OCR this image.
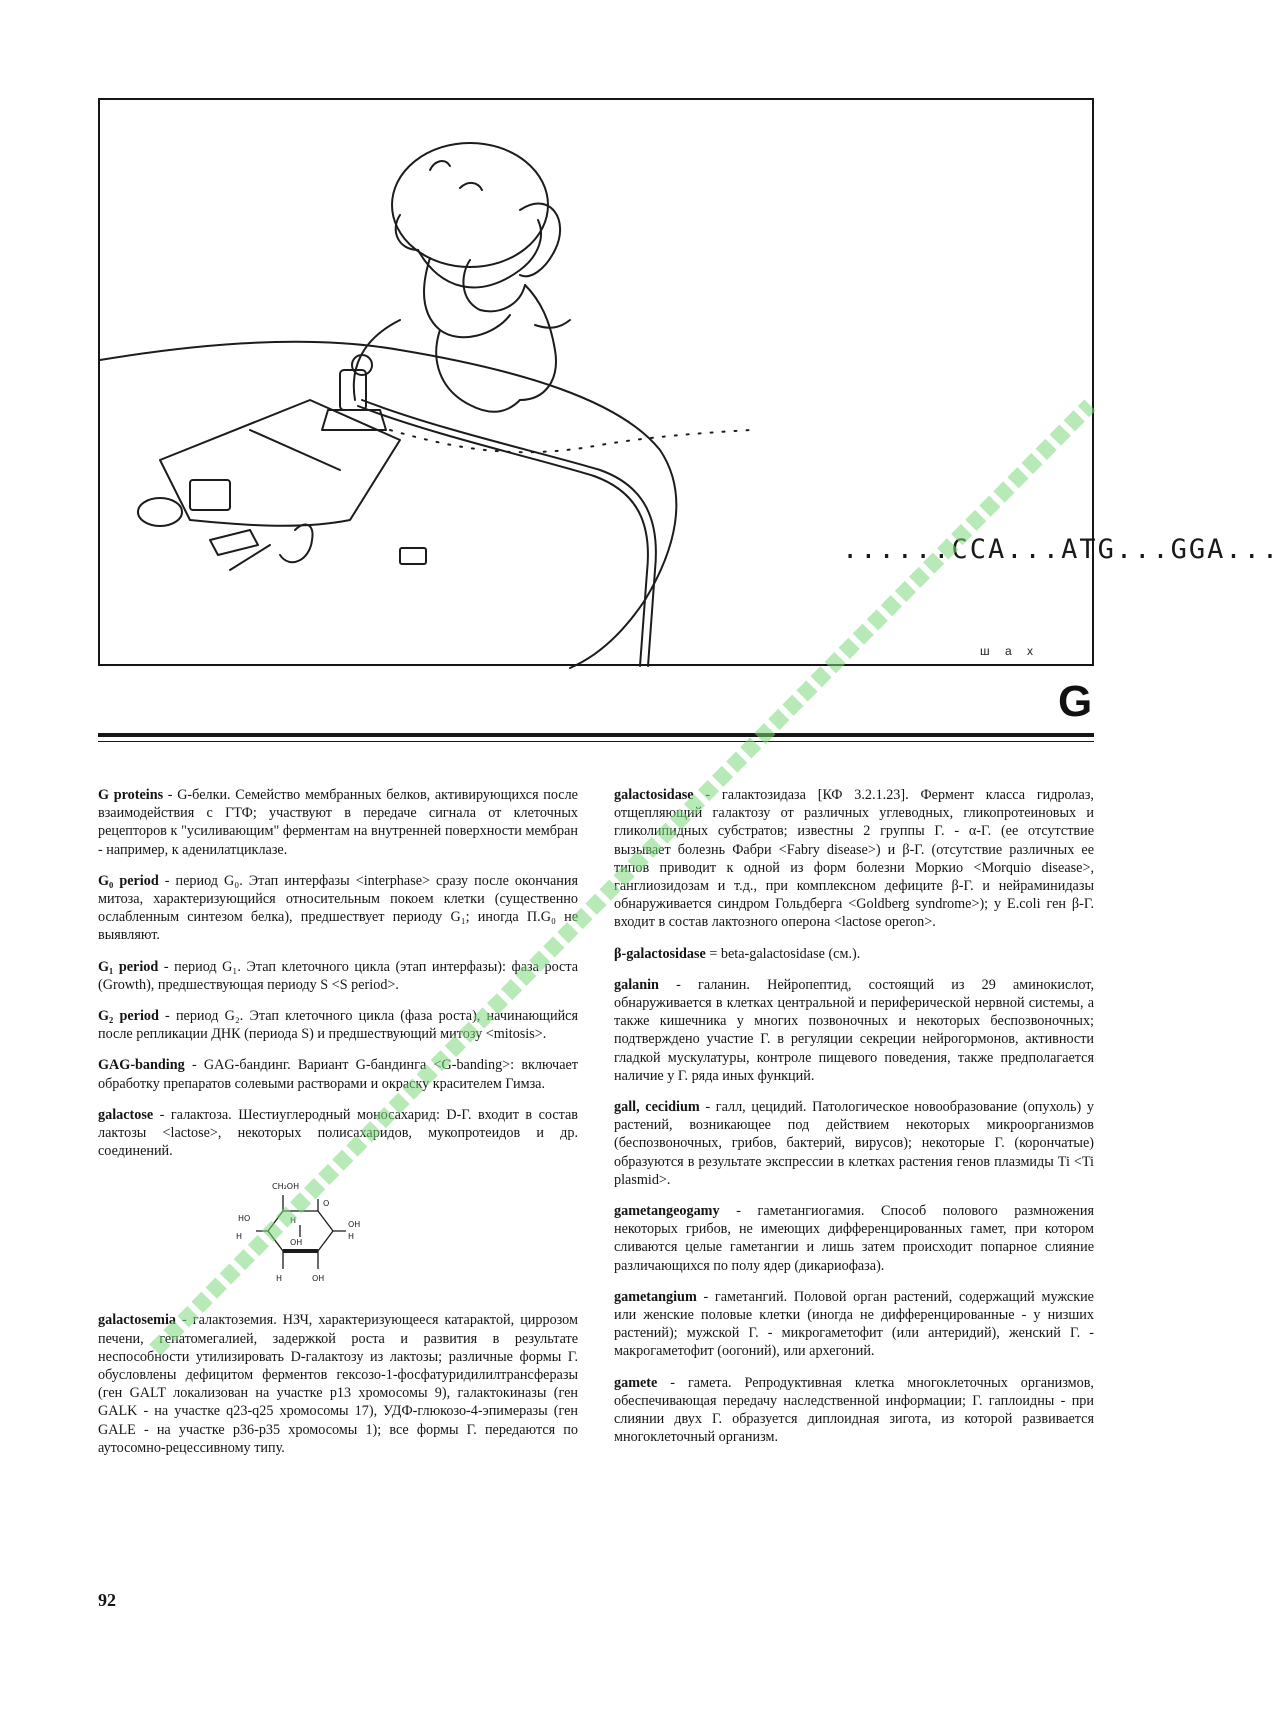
......CCA...ATG...GGA...
ш а х
G

G proteins - G-белки. Семейство мембранных белков, активирующихся после взаимодействия с ГТФ; участвуют в передаче сигнала от клеточных рецепторов к "усиливающим" ферментам на внутренней поверхности мембран - например, к аденилатциклазе.

G₀ period - период G₀. Этап интерфазы <interphase> сразу после окончания митоза, характеризующийся относительным покоем клетки (существенно ослабленным синтезом белка), предшествует периоду G₁; иногда П.G₀ не выявляют.

G₁ period - период G₁. Этап клеточного цикла (этап интерфазы): фаза роста (Growth), предшествующая периоду S <S period>.

G₂ period - период G₂. Этап клеточного цикла (фаза роста), начинающийся после репликации ДНК (периода S) и предшествующий митозу <mitosis>.

GAG-banding - GAG-бандинг. Вариант G-бандинга <G-banding>: включает обработку препаратов солевыми растворами и окраску красителем Гимза.

galactose - галактоза. Шестиуглеродный моносахарид: D-Г. входит в состав лактозы <lactose>, некоторых полисахаридов, мукопротеидов и др. соединений.

CH₂OH
HO	H
O
OH
H
OH
H
H	OH

galactosemia - галактоземия. НЗЧ, характеризующееся катарактой, циррозом печени, гепатомегалией, задержкой роста и развития в результате неспособности утилизировать D-галактозу из лактозы; различные формы Г. обусловлены дефицитом ферментов гексозо-1-фосфатуридилилтрансферазы (ген GALT локализован на участке p13 хромосомы 9), галактокиназы (ген GALK - на участке q23-q25 хромосомы 17), УДФ-глюкозо-4-эпимеразы (ген GALE - на участке p36-p35 хромосомы 1); все формы Г. передаются по аутосомно-рецессивному типу.

galactosidase - галактозидаза [КФ 3.2.1.23]. Фермент класса гидролаз, отщепляющий галактозу от различных углеводных, гликопротеиновых и гликолипидных субстратов; известны 2 группы Г. - α-Г. (ее отсутствие вызывает болезнь Фабри <Fabry disease>) и β-Г. (отсутствие различных ее типов приводит к одной из форм болезни Моркио <Morquio disease>, ганглиозидозам и т.д., при комплексном дефиците β-Г. и нейраминидазы обнаруживается синдром Гольдберга <Goldberg syndrome>); у E.coli ген β-Г. входит в состав лактозного оперона <lactose operon>.

β-galactosidase = beta-galactosidase (см.).

galanin - галанин. Нейропептид, состоящий из 29 аминокислот, обнаруживается в клетках центральной и периферической нервной системы, а также кишечника у многих позвоночных и некоторых беспозвоночных; подтверждено участие Г. в регуляции секреции нейрогормонов, активности гладкой мускулатуры, контроле пищевого поведения, также предполагается наличие у Г. ряда иных функций.

gall, cecidium - галл, цецидий. Патологическое новообразование (опухоль) у растений, возникающее под действием некоторых микроорганизмов (беспозвоночных, грибов, бактерий, вирусов); некоторые Г. (корончатые) образуются в результате экспрессии в клетках растения генов плазмиды Ti <Ti plasmid>.

gametangeogamy - гаметангиогамия. Способ полового размножения некоторых грибов, не имеющих дифференцированных гамет, при котором сливаются целые гаметангии и лишь затем происходит попарное слияние различающихся по полу ядер (дикариофаза).

gametangium - гаметангий. Половой орган растений, содержащий мужские или женские половые клетки (иногда не дифференцированные - у низших растений); мужской Г. - микрогаметофит (или антеридий), женский Г. - макрогаметофит (оогоний), или архегоний.

gamete - гамета. Репродуктивная клетка многоклеточных организмов, обеспечивающая передачу наследственной информации; Г. гаплоидны - при слиянии двух Г. образуется диплоидная зигота, из которой развивается многоклеточный организм.

92
